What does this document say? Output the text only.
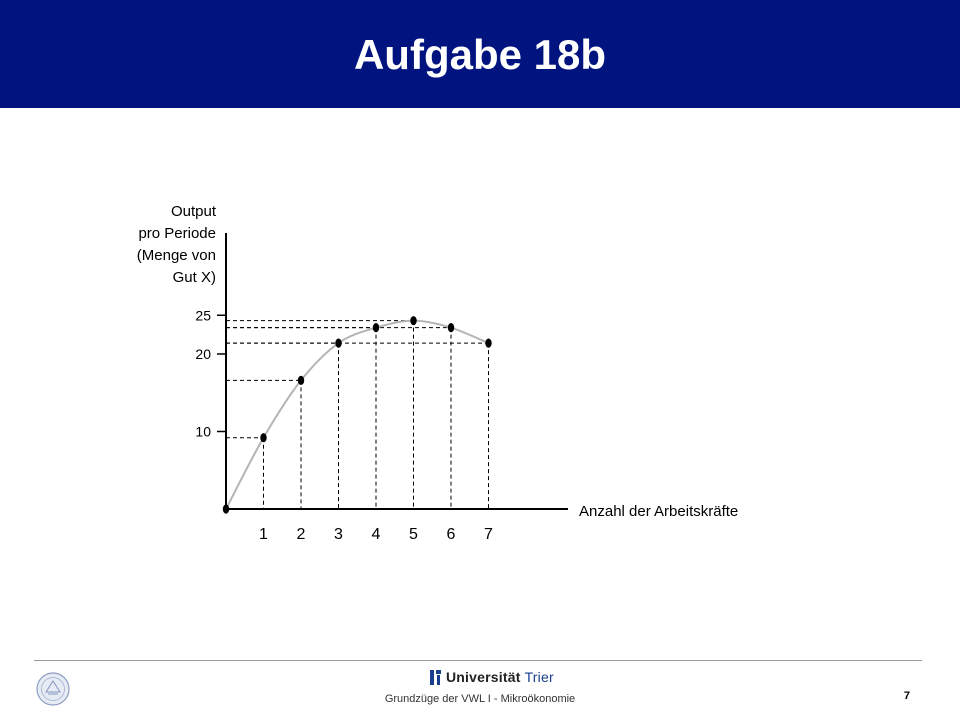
Aufgabe 18b
10
20
25
1 2 3 4 5 6 7
Anzahl der Arbeitskräfte
Output
pro Periode
(Menge von
Gut X)
Universität Trier
Grundzüge der VWL I - Mikroökonomie	7
